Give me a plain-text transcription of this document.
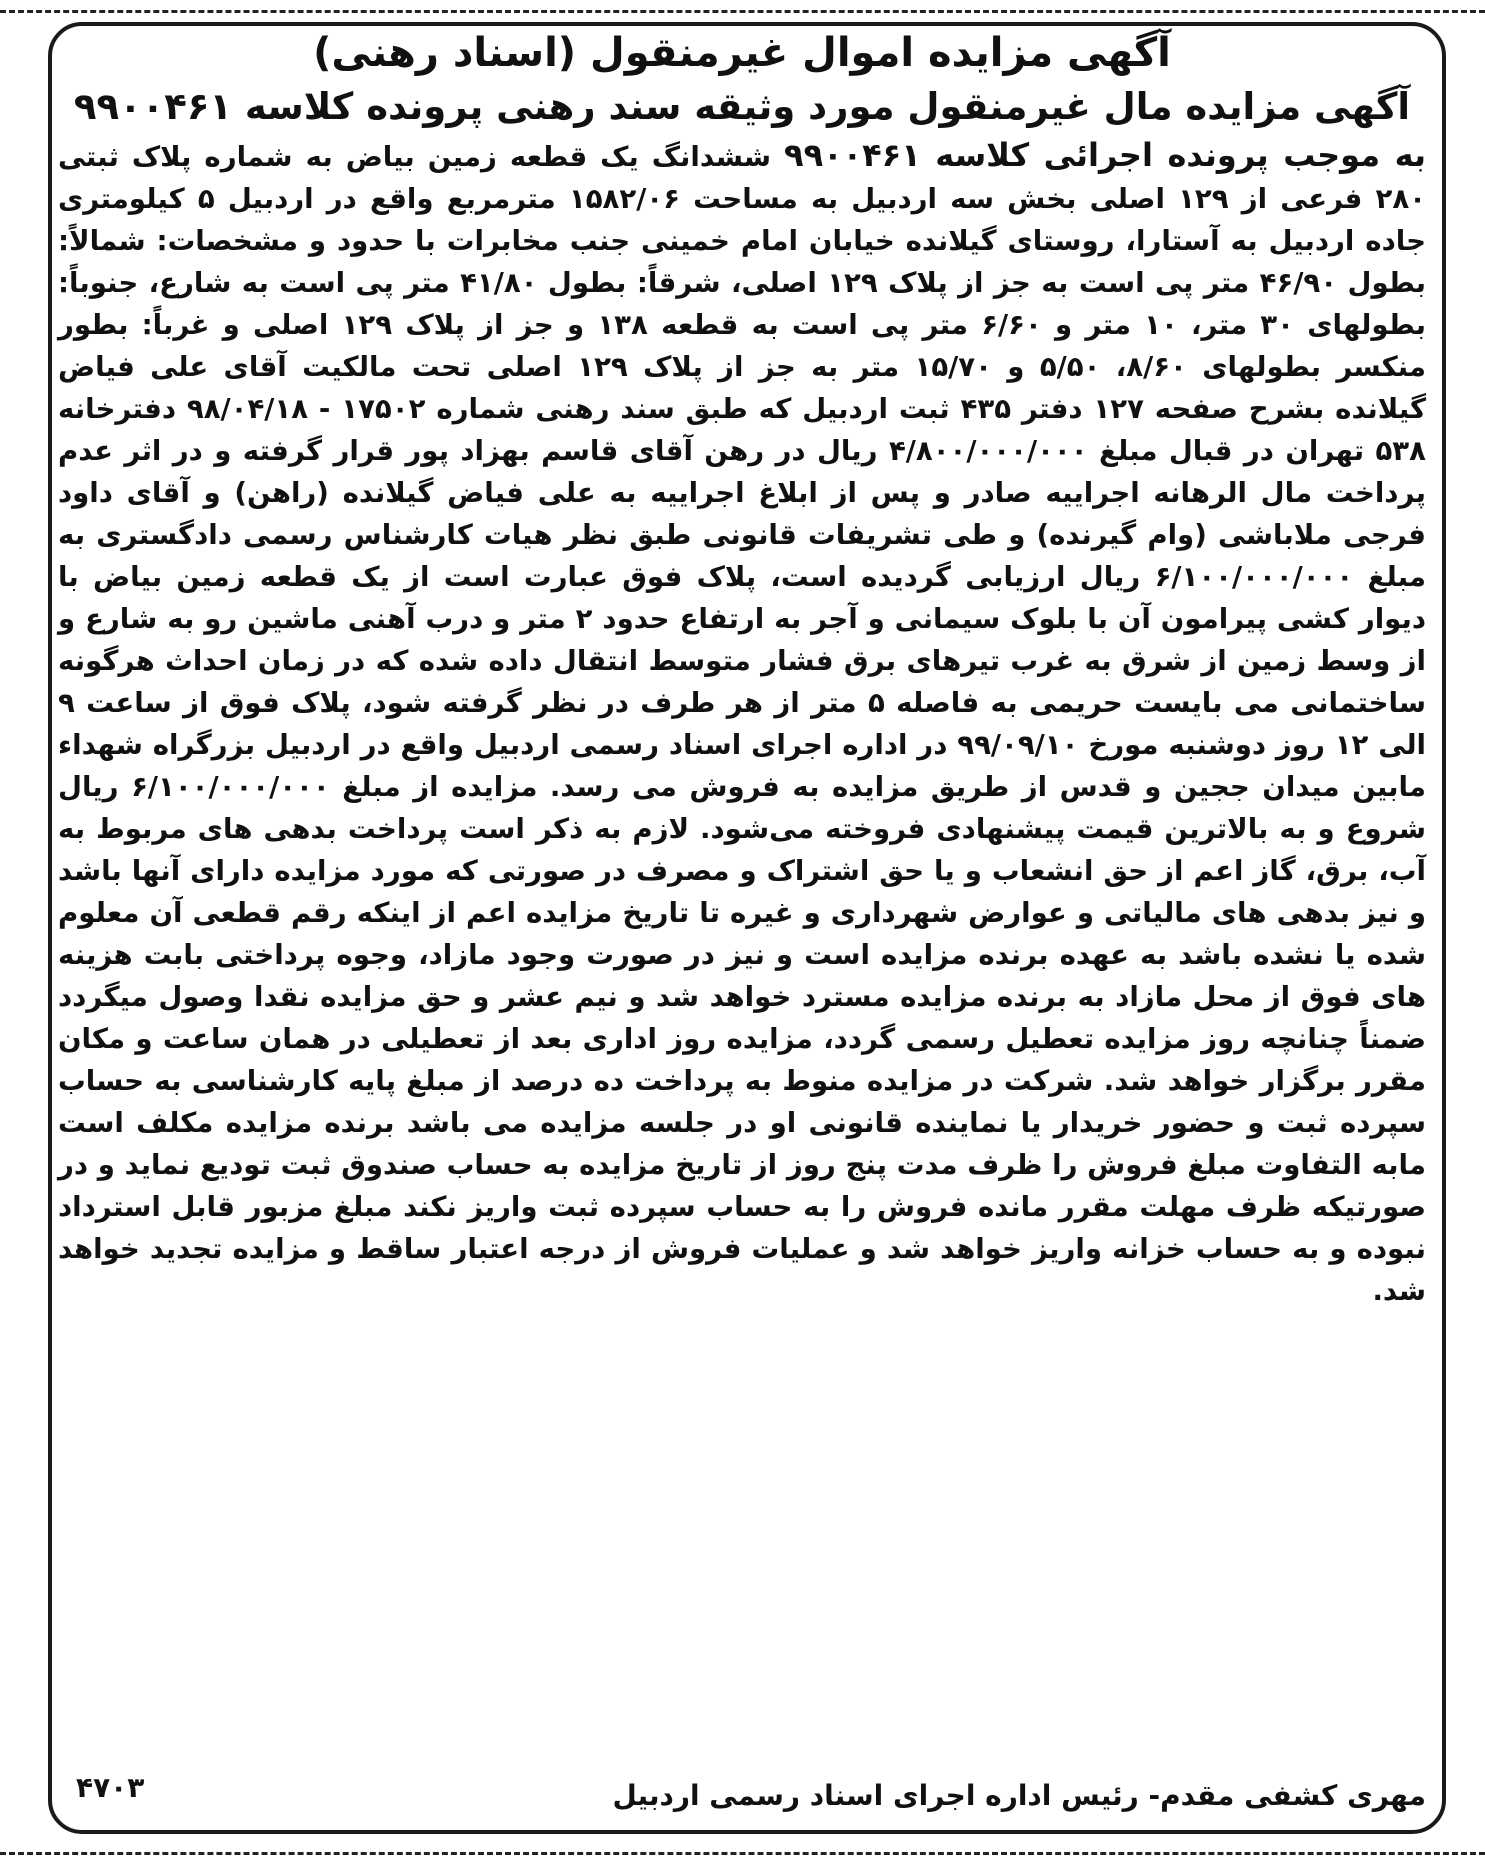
آگهی مزایده اموال غیرمنقول (اسناد رهنی)
آگهی مزایده مال غیرمنقول مورد وثیقه سند رهنی پرونده کلاسه ۹۹۰۰۴۶۱

به موجب پرونده اجرائی کلاسه ۹۹۰۰۴۶۱ ششدانگ یک قطعه زمین بیاض به شماره پلاک ثبتی ۲۸۰ فرعی از ۱۲۹ اصلی بخش سه اردبیل به مساحت ۱۵۸۲/۰۶ مترمربع واقع در اردبیل ۵ کیلومتری جاده اردبیل به آستارا، روستای گیلانده خیابان امام خمینی جنب مخابرات با حدود و مشخصات: شمالاً: بطول ۴۶/۹۰ متر پی است به جز از پلاک ۱۲۹ اصلی، شرقاً: بطول ۴۱/۸۰ متر پی است به شارع، جنوباً: بطولهای ۳۰ متر، ۱۰ متر و ۶/۶۰ متر پی است به قطعه ۱۳۸ و جز از پلاک ۱۲۹ اصلی و غرباً: بطور منکسر بطولهای ۸/۶۰، ۵/۵۰ و ۱۵/۷۰ متر به جز از پلاک ۱۲۹ اصلی تحت مالکیت آقای علی فیاض گیلانده بشرح صفحه ۱۲۷ دفتر ۴۳۵ ثبت اردبیل که طبق سند رهنی شماره ۱۷۵۰۲ - ۹۸/۰۴/۱۸ دفترخانه ۵۳۸ تهران در قبال مبلغ ۴/۸۰۰/۰۰۰/۰۰۰ ریال در رهن آقای قاسم بهزاد پور قرار گرفته و در اثر عدم پرداخت مال الرهانه اجراییه صادر و پس از ابلاغ اجراییه به علی فیاض گیلانده (راهن) و آقای داود فرجی ملاباشی (وام گیرنده) و طی تشریفات قانونی طبق نظر هیات کارشناس رسمی دادگستری به مبلغ ۶/۱۰۰/۰۰۰/۰۰۰ ریال ارزیابی گردیده است، پلاک فوق عبارت است از یک قطعه زمین بیاض با دیوار کشی پیرامون آن با بلوک سیمانی و آجر به ارتفاع حدود ۲ متر و درب آهنی ماشین رو به شارع و از وسط زمین از شرق به غرب تیرهای برق فشار متوسط انتقال داده شده که در زمان احداث هرگونه ساختمانی می بایست حریمی به فاصله ۵ متر از هر طرف در نظر گرفته شود، پلاک فوق از ساعت ۹ الی ۱۲ روز دوشنبه مورخ ۹۹/۰۹/۱۰ در اداره اجرای اسناد رسمی اردبیل واقع در اردبیل بزرگراه شهداء مابین میدان ججین و قدس از طریق مزایده به فروش می رسد. مزایده از مبلغ ۶/۱۰۰/۰۰۰/۰۰۰ ریال شروع و به بالاترین قیمت پیشنهادی فروخته می‌شود. لازم به ذکر است پرداخت بدهی های مربوط به آب، برق، گاز اعم از حق انشعاب و یا حق اشتراک و مصرف در صورتی که مورد مزایده دارای آنها باشد و نیز بدهی های مالیاتی و عوارض شهرداری و غیره تا تاریخ مزایده اعم از اینکه رقم قطعی آن معلوم شده یا نشده باشد به عهده برنده مزایده است و نیز در صورت وجود مازاد، وجوه پرداختی بابت هزینه های فوق از محل مازاد به برنده مزایده مسترد خواهد شد و نیم عشر و حق مزایده نقدا وصول میگردد ضمناً چنانچه روز مزایده تعطیل رسمی گردد، مزایده روز اداری بعد از تعطیلی در همان ساعت و مکان مقرر برگزار خواهد شد. شرکت در مزایده منوط به پرداخت ده درصد از مبلغ پایه کارشناسی به حساب سپرده ثبت و حضور خریدار یا نماینده قانونی او در جلسه مزایده می باشد برنده مزایده مکلف است مابه التفاوت مبلغ فروش را ظرف مدت پنج روز از تاریخ مزایده به حساب صندوق ثبت تودیع نماید و در صورتیکه ظرف مهلت مقرر مانده فروش را به حساب سپرده ثبت واریز نکند مبلغ مزبور قابل استرداد نبوده و به حساب خزانه واریز خواهد شد و عملیات فروش از درجه اعتبار ساقط و مزایده تجدید خواهد شد.

مهری کشفی مقدم- رئیس اداره اجرای اسناد رسمی اردبیل
۴۷۰۳
